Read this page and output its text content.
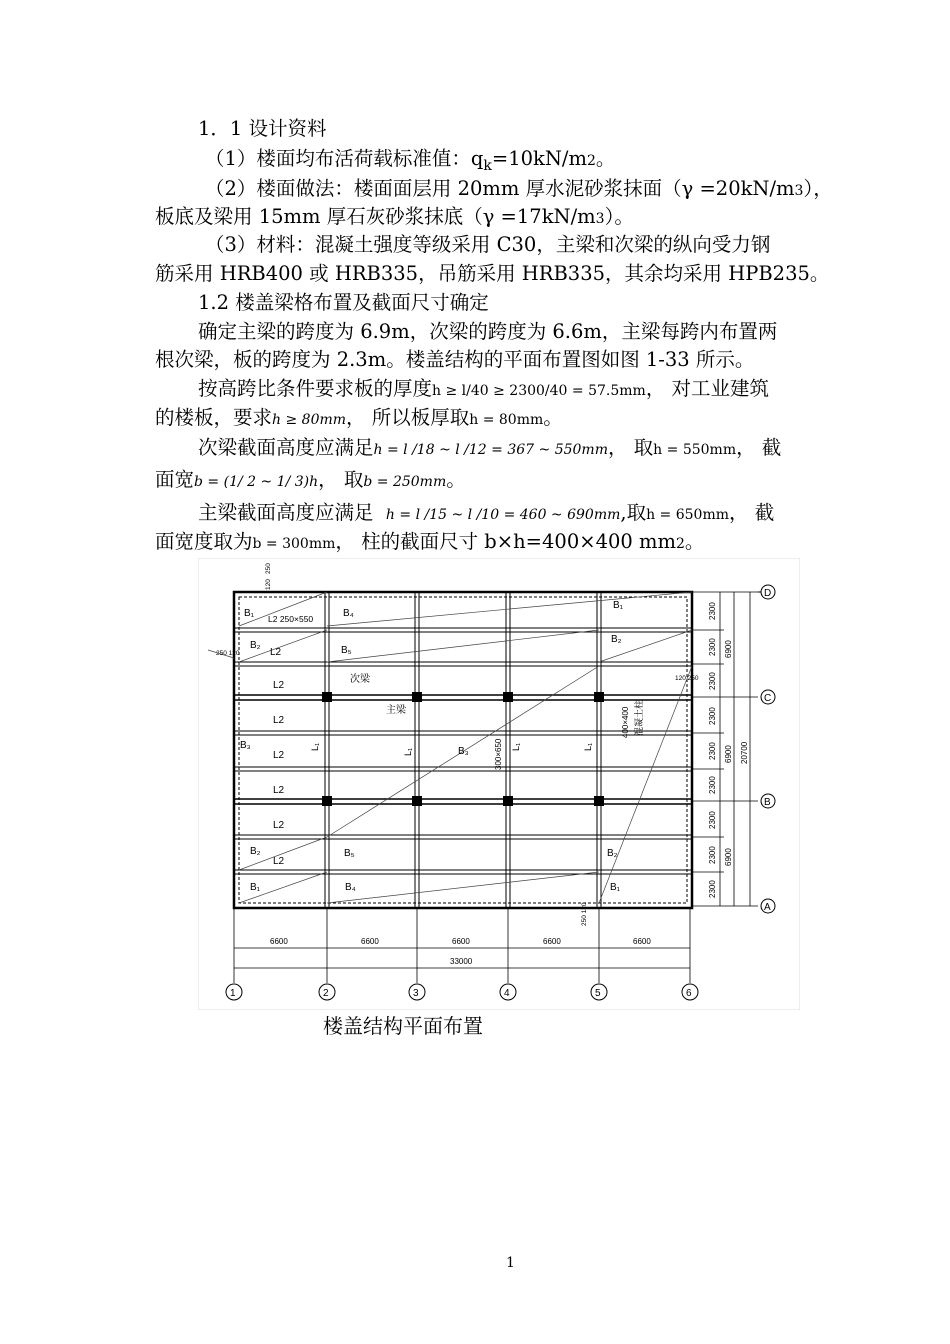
1．1 设计资料
（1）楼面均布活荷载标准值：$q_k=10kN/m2$。
（2）楼面做法：楼面面层用 20mm 厚水泥砂浆抹面（γ =20kN/m3），
板底及梁用 15mm 厚石灰砂浆抹底（γ =17kN/m3）。
（3）材料：混凝土强度等级采用 C30，主梁和次梁的纵向受力钢
筋采用 HRB400 或 HRB335，吊筋采用 HRB335，其余均采用 HPB235。
1.2 楼盖梁格布置及截面尺寸确定
确定主梁的跨度为 6.9m，次梁的跨度为 6.6m，主梁每跨内布置两
根次梁，板的跨度为 2.3m。楼盖结构的平面布置图如图 1-33 所示。
按高跨比条件要求板的厚度h ≥ l/40 ≥ 2300/40 = 57.5mm， 对工业建筑
的楼板，要求h ≥ 80mm， 所以板厚取h = 80mm。
次梁截面高度应满足h = l /18 ~ l /12 = 367 ~ 550mm， 取h = 550mm， 截
面宽b = (1/ 2 ~ 1/ 3)h， 取b = 250mm。
主梁截面高度应满足 h = l /15 ~ l /10 = 460 ~ 690mm,取h = 650mm， 截
面宽度取为b = 300mm， 柱的截面尺寸 b×h=400×400 mm2。
B₁ L2 250×550	B₄
B₁
B₂
L2	B₅
B₂
L2
次梁
主梁
L2
B₃
L2	B₃
L2
L2
B₂
L2
B₅	B₂
B₁	B₄	B₁
L₁
L₁
L₁	L₁
300×650
400×400 混凝土柱
120
250
250 120
250 120
120 250
2300
2300
2300
2300
2300
2300
2300
2300
2300
6900
6900
6900
20700
D
C
B
A
6600	6600	6600	6600	6600
33000
1	2	3	4	5	6
楼盖结构平面布置
1
